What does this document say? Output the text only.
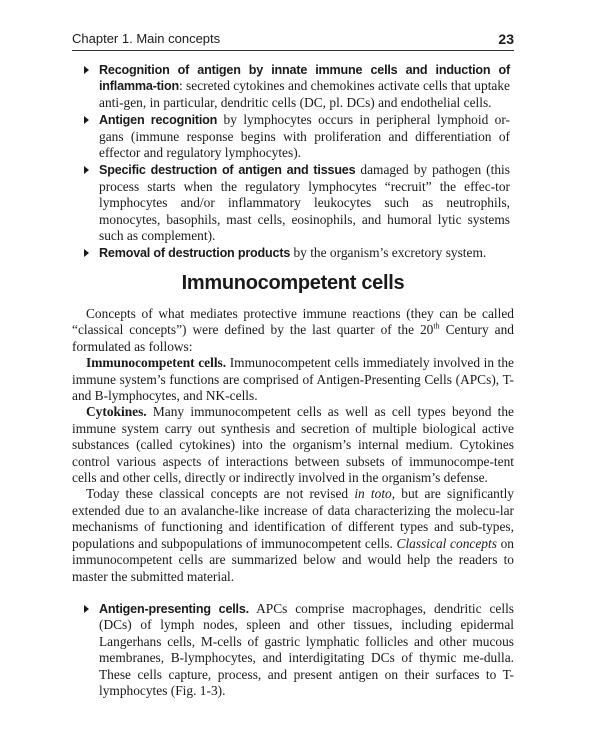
Chapter 1. Main concepts	23
Recognition of antigen by innate immune cells and induction of inflamma-tion: secreted cytokines and chemokines activate cells that uptake anti-gen, in particular, dendritic cells (DC, pl. DCs) and endothelial cells.
Antigen recognition by lymphocytes occurs in peripheral lymphoid or-gans (immune response begins with proliferation and differentiation of effector and regulatory lymphocytes).
Specific destruction of antigen and tissues damaged by pathogen (this process starts when the regulatory lymphocytes “recruit” the effec-tor lymphocytes and/or inflammatory leukocytes such as neutrophils, monocytes, basophils, mast cells, eosinophils, and humoral lytic systems such as complement).
Removal of destruction products by the organism’s excretory system.
Immunocompetent cells

Concepts of what mediates protective immune reactions (they can be called “classical concepts”) were defined by the last quarter of the 20th Century and formulated as follows:

Immunocompetent cells. Immunocompetent cells immediately involved in the immune system’s functions are comprised of Antigen-Presenting Cells (APCs), T- and B-lymphocytes, and NK-cells.

Cytokines. Many immunocompetent cells as well as cell types beyond the immune system carry out synthesis and secretion of multiple biological active substances (called cytokines) into the organism’s internal medium. Cytokines control various aspects of interactions between subsets of immunocompe-tent cells and other cells, directly or indirectly involved in the organism’s defense.

Today these classical concepts are not revised in toto, but are significantly extended due to an avalanche-like increase of data characterizing the molecu-lar mechanisms of functioning and identification of different types and sub-types, populations and subpopulations of immunocompetent cells. Classical concepts on immunocompetent cells are summarized below and would help the readers to master the submitted material.

Antigen-presenting cells. APCs comprise macrophages, dendritic cells (DCs) of lymph nodes, spleen and other tissues, including epidermal Langerhans cells, M-cells of gastric lymphatic follicles and other mucous membranes, B-lymphocytes, and interdigitating DCs of thymic me-dulla. These cells capture, process, and present antigen on their surfaces to T-lymphocytes (Fig. 1-3).
